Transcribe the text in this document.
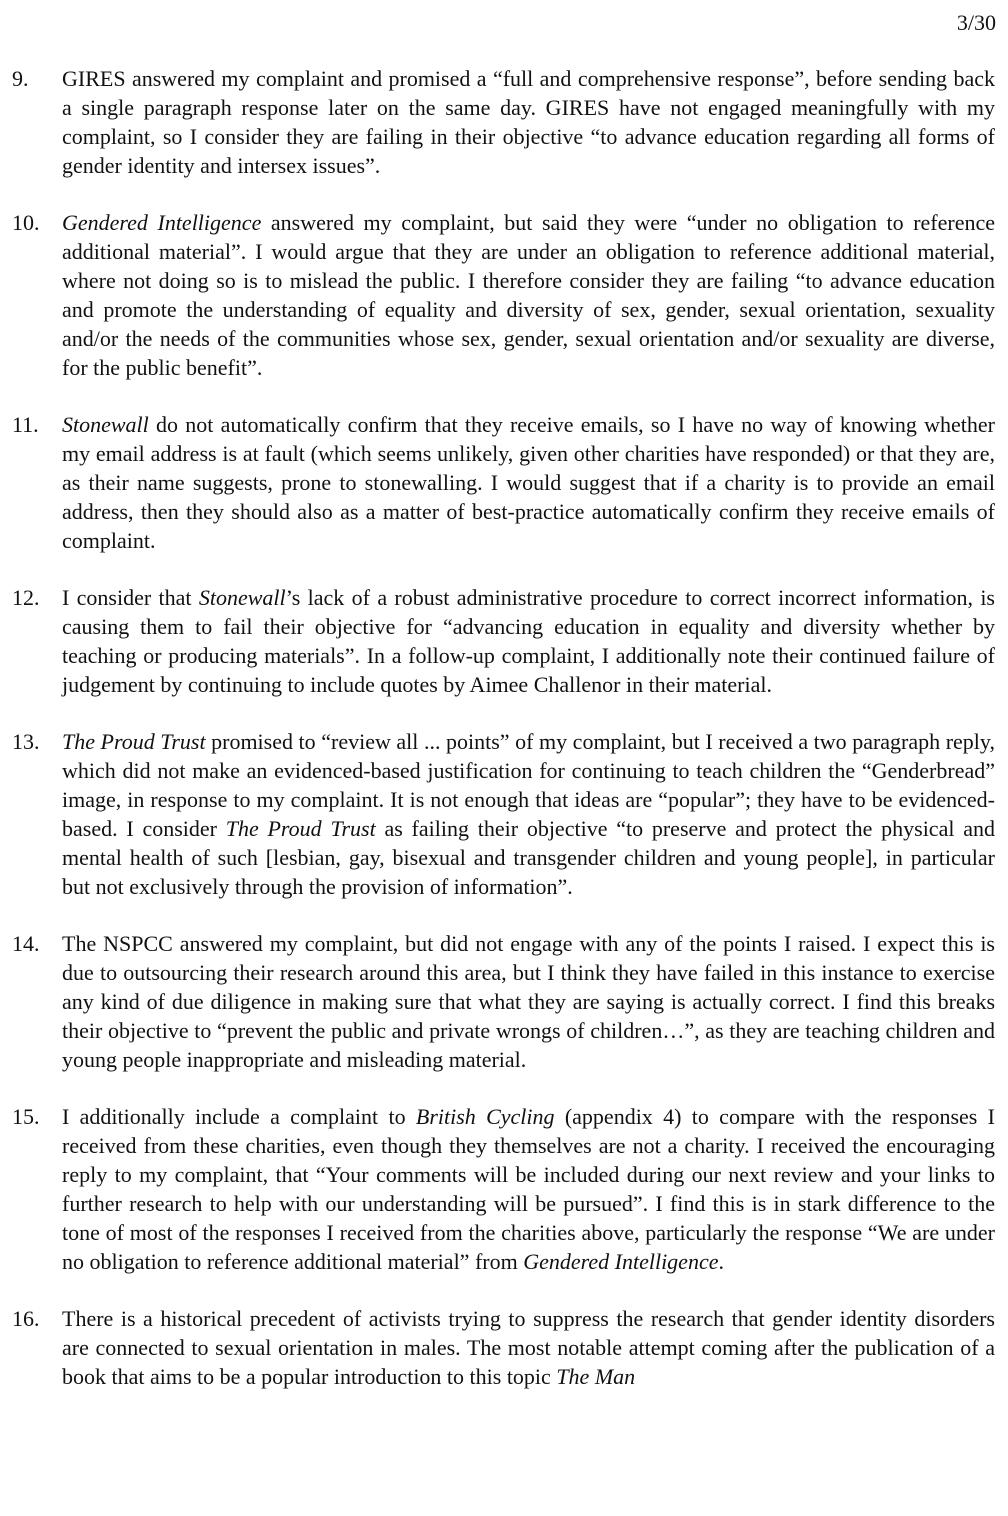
3/30
9.	GIRES answered my complaint and promised a “full and comprehensive response”, before sending back a single paragraph response later on the same day. GIRES have not engaged meaningfully with my complaint, so I consider they are failing in their objective “to advance education regarding all forms of gender identity and intersex issues”.
10.	Gendered Intelligence answered my complaint, but said they were “under no obligation to reference additional material”. I would argue that they are under an obligation to reference additional material, where not doing so is to mislead the public. I therefore consider they are failing “to advance education and promote the understanding of equality and diversity of sex, gender, sexual orientation, sexuality and/or the needs of the communities whose sex, gender, sexual orientation and/or sexuality are diverse, for the public benefit”.
11.	Stonewall do not automatically confirm that they receive emails, so I have no way of knowing whether my email address is at fault (which seems unlikely, given other charities have responded) or that they are, as their name suggests, prone to stonewalling. I would suggest that if a charity is to provide an email address, then they should also as a matter of best-practice automatically confirm they receive emails of complaint.
12.	I consider that Stonewall’s lack of a robust administrative procedure to correct incorrect information, is causing them to fail their objective for “advancing education in equality and diversity whether by teaching or producing materials”. In a follow-up complaint, I additionally note their continued failure of judgement by continuing to include quotes by Aimee Challenor in their material.
13.	The Proud Trust promised to “review all ... points” of my complaint, but I received a two paragraph reply, which did not make an evidenced-based justification for continuing to teach children the “Genderbread” image, in response to my complaint. It is not enough that ideas are “popular”; they have to be evidenced-based. I consider The Proud Trust as failing their objective “to preserve and protect the physical and mental health of such [lesbian, gay, bisexual and transgender children and young people], in particular but not exclusively through the provision of information”.
14.	The NSPCC answered my complaint, but did not engage with any of the points I raised. I expect this is due to outsourcing their research around this area, but I think they have failed in this instance to exercise any kind of due diligence in making sure that what they are saying is actually correct. I find this breaks their objective to “prevent the public and private wrongs of children…”, as they are teaching children and young people inappropriate and misleading material.
15.	I additionally include a complaint to British Cycling (appendix 4) to compare with the responses I received from these charities, even though they themselves are not a charity. I received the encouraging reply to my complaint, that “Your comments will be included during our next review and your links to further research to help with our understanding will be pursued”. I find this is in stark difference to the tone of most of the responses I received from the charities above, particularly the response “We are under no obligation to reference additional material” from Gendered Intelligence.
16.	There is a historical precedent of activists trying to suppress the research that gender identity disorders are connected to sexual orientation in males. The most notable attempt coming after the publication of a book that aims to be a popular introduction to this topic The Man
